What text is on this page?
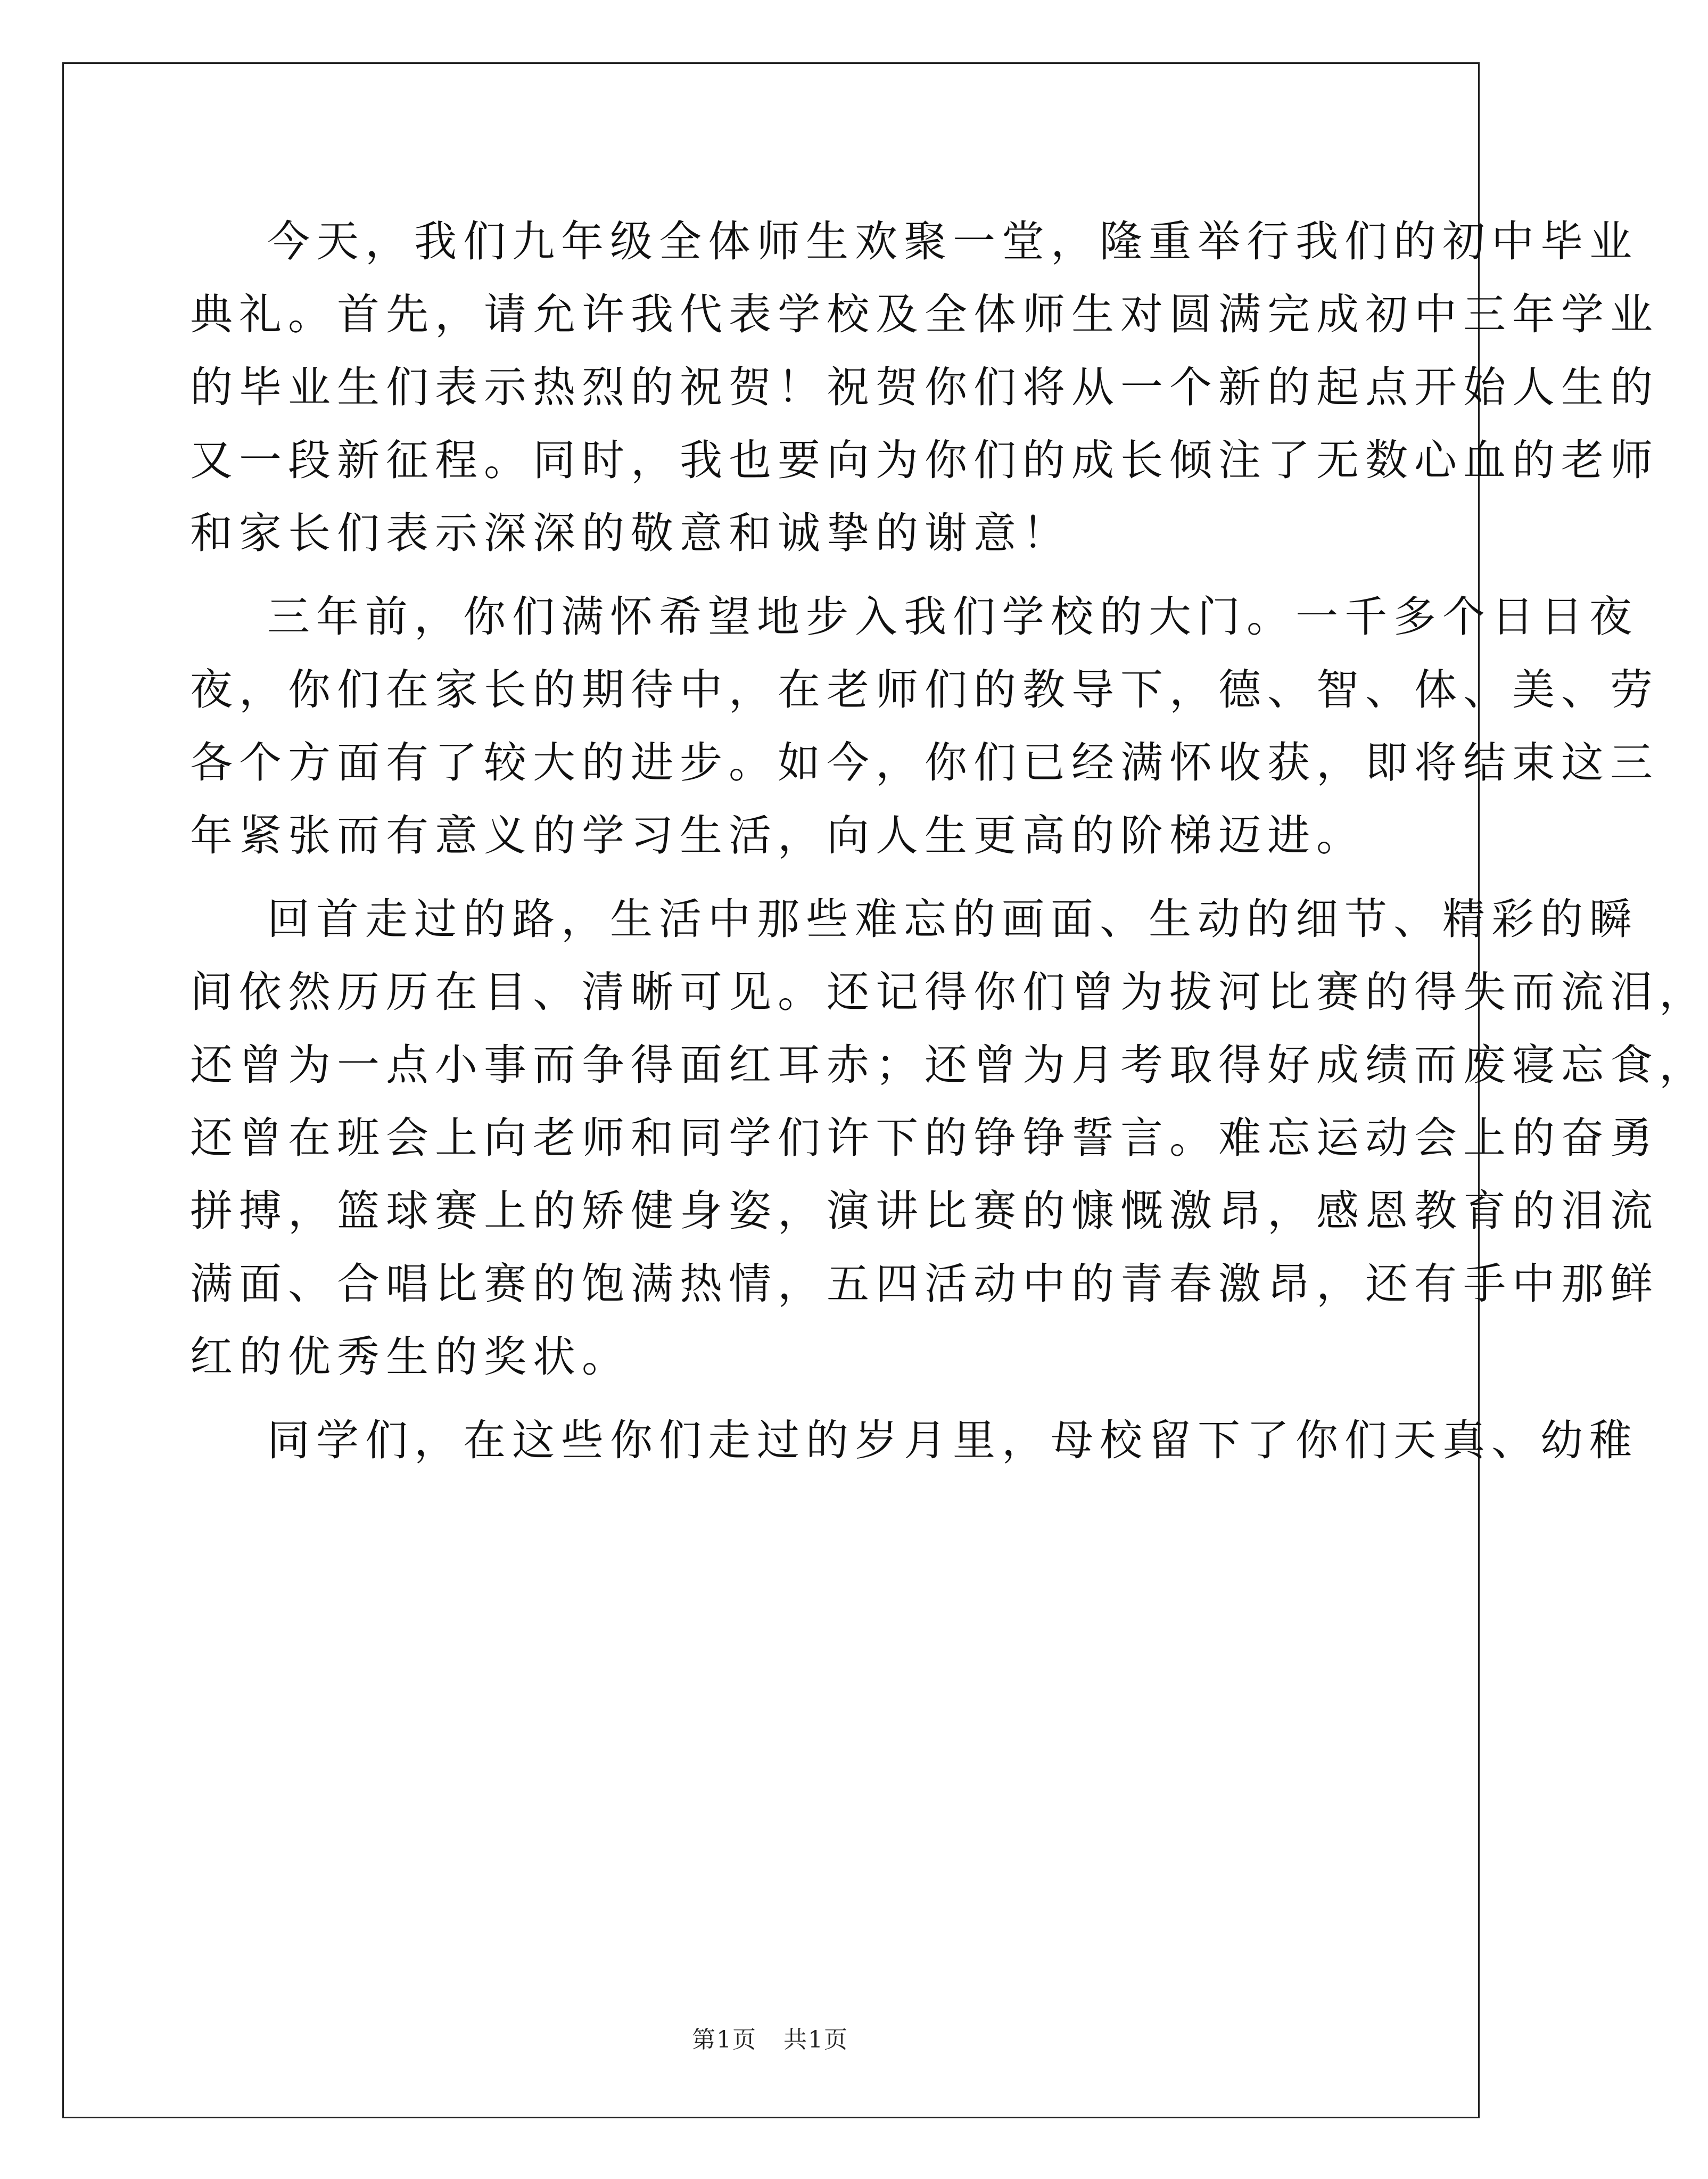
今天，我们九年级全体师生欢聚一堂，隆重举行我们的初中毕业
典礼。首先，请允许我代表学校及全体师生对圆满完成初中三年学业
的毕业生们表示热烈的祝贺！祝贺你们将从一个新的起点开始人生的
又一段新征程。同时，我也要向为你们的成长倾注了无数心血的老师
和家长们表示深深的敬意和诚挚的谢意！
三年前，你们满怀希望地步入我们学校的大门。一千多个日日夜
夜，你们在家长的期待中，在老师们的教导下，德、智、体、美、劳
各个方面有了较大的进步。如今，你们已经满怀收获，即将结束这三
年紧张而有意义的学习生活，向人生更高的阶梯迈进。
回首走过的路，生活中那些难忘的画面、生动的细节、精彩的瞬
间依然历历在目、清晰可见。还记得你们曾为拔河比赛的得失而流泪，
还曾为一点小事而争得面红耳赤；还曾为月考取得好成绩而废寝忘食，
还曾在班会上向老师和同学们许下的铮铮誓言。难忘运动会上的奋勇
拼搏，篮球赛上的矫健身姿，演讲比赛的慷慨激昂，感恩教育的泪流
满面、合唱比赛的饱满热情，五四活动中的青春激昂，还有手中那鲜
红的优秀生的奖状。
同学们，在这些你们走过的岁月里，母校留下了你们天真、幼稚
第1页 共1页
